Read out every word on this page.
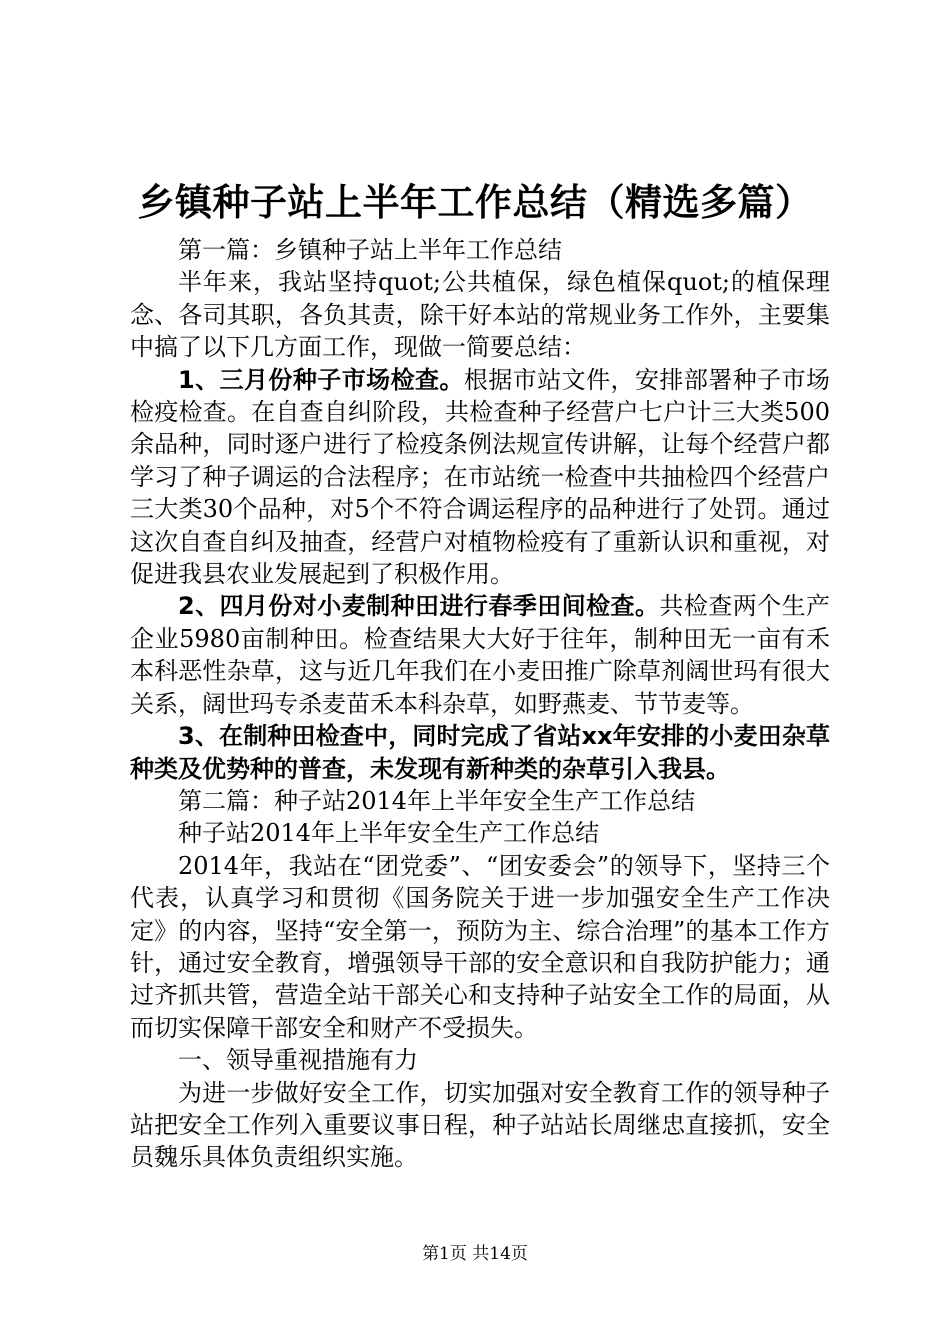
乡镇种子站上半年工作总结（精选多篇）

第一篇：乡镇种子站上半年工作总结

半年来，我站坚持quot;公共植保，绿色植保quot;的植保理念、各司其职，各负其责，除干好本站的常规业务工作外，主要集中搞了以下几方面工作，现做一简要总结：

1、三月份种子市场检查。根据市站文件，安排部署种子市场检疫检查。在自查自纠阶段，共检查种子经营户七户计三大类500余品种，同时逐户进行了检疫条例法规宣传讲解，让每个经营户都学习了种子调运的合法程序；在市站统一检查中共抽检四个经营户三大类30个品种，对5个不符合调运程序的品种进行了处罚。通过这次自查自纠及抽查，经营户对植物检疫有了重新认识和重视，对促进我县农业发展起到了积极作用。

2、四月份对小麦制种田进行春季田间检查。共检查两个生产企业5980亩制种田。检查结果大大好于往年，制种田无一亩有禾本科恶性杂草，这与近几年我们在小麦田推广除草剂阔世玛有很大关系，阔世玛专杀麦苗禾本科杂草，如野燕麦、节节麦等。

3、在制种田检查中，同时完成了省站xx年安排的小麦田杂草种类及优势种的普查，未发现有新种类的杂草引入我县。

第二篇：种子站2014年上半年安全生产工作总结

种子站2014年上半年安全生产工作总结

2014年，我站在“团党委”、“团安委会”的领导下，坚持三个代表，认真学习和贯彻《国务院关于进一步加强安全生产工作决定》的内容，坚持“安全第一，预防为主、综合治理”的基本工作方针，通过安全教育，增强领导干部的安全意识和自我防护能力；通过齐抓共管，营造全站干部关心和支持种子站安全工作的局面，从而切实保障干部安全和财产不受损失。

一、领导重视措施有力

为进一步做好安全工作，切实加强对安全教育工作的领导种子站把安全工作列入重要议事日程，种子站站长周继忠直接抓，安全员魏乐具体负责组织实施。

第1页 共14页
